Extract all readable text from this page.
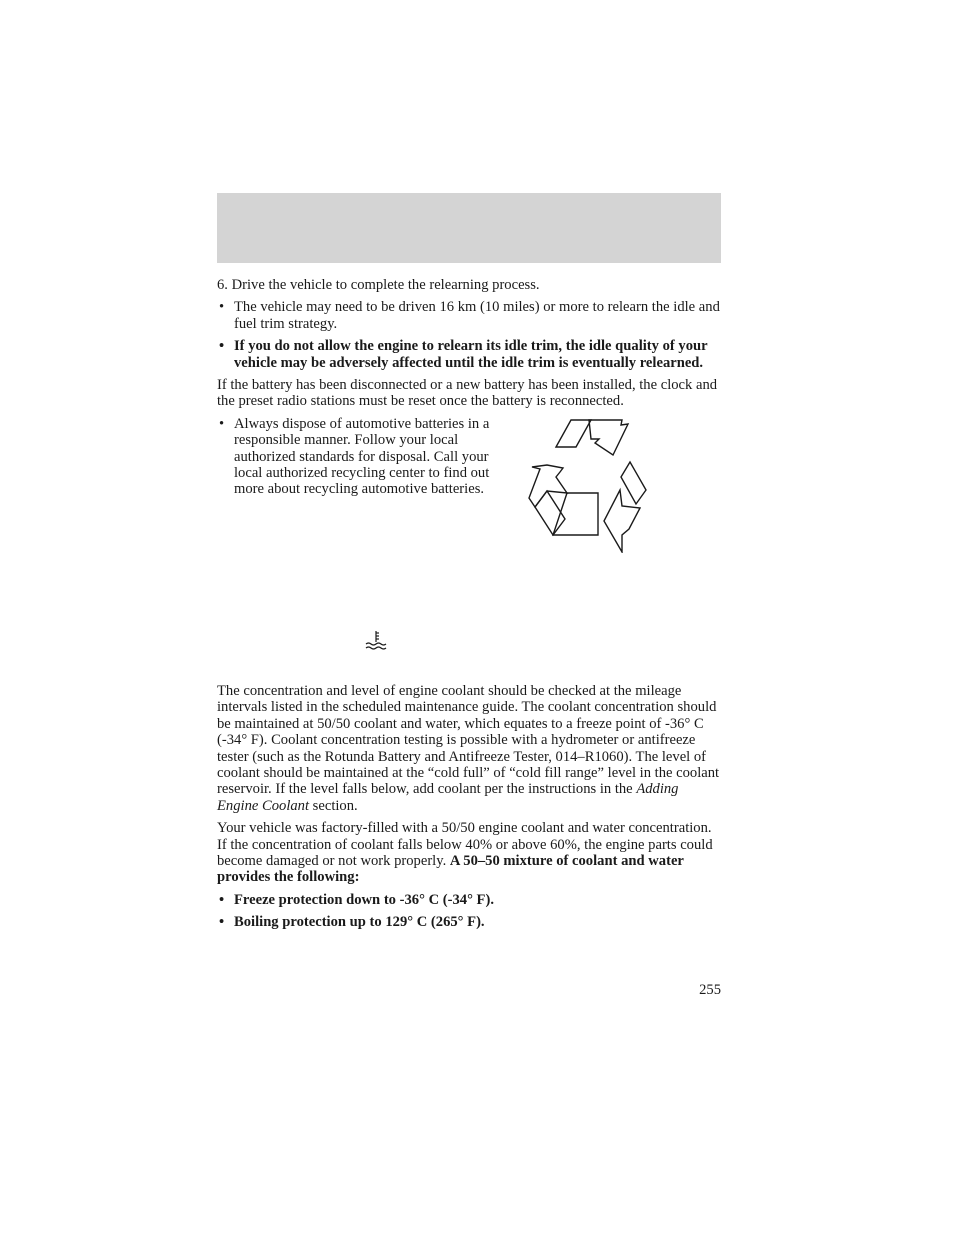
6. Drive the vehicle to complete the relearning process.

• The vehicle may need to be driven 16 km (10 miles) or more to relearn the idle and fuel trim strategy.
• If you do not allow the engine to relearn its idle trim, the idle quality of your vehicle may be adversely affected until the idle trim is eventually relearned.

If the battery has been disconnected or a new battery has been installed, the clock and the preset radio stations must be reset once the battery is reconnected.

• Always dispose of automotive batteries in a responsible manner. Follow your local authorized standards for disposal. Call your local authorized recycling center to find out more about recycling automotive batteries.

The concentration and level of engine coolant should be checked at the mileage intervals listed in the scheduled maintenance guide. The coolant concentration should be maintained at 50/50 coolant and water, which equates to a freeze point of -36° C (-34° F). Coolant concentration testing is possible with a hydrometer or antifreeze tester (such as the Rotunda Battery and Antifreeze Tester, 014–R1060). The level of coolant should be maintained at the “cold full” of “cold fill range” level in the coolant reservoir. If the level falls below, add coolant per the instructions in the Adding Engine Coolant section.

Your vehicle was factory-filled with a 50/50 engine coolant and water concentration. If the concentration of coolant falls below 40% or above 60%, the engine parts could become damaged or not work properly. A 50–50 mixture of coolant and water provides the following:

• Freeze protection down to -36° C (-34° F).
• Boiling protection up to 129° C (265° F).
255
